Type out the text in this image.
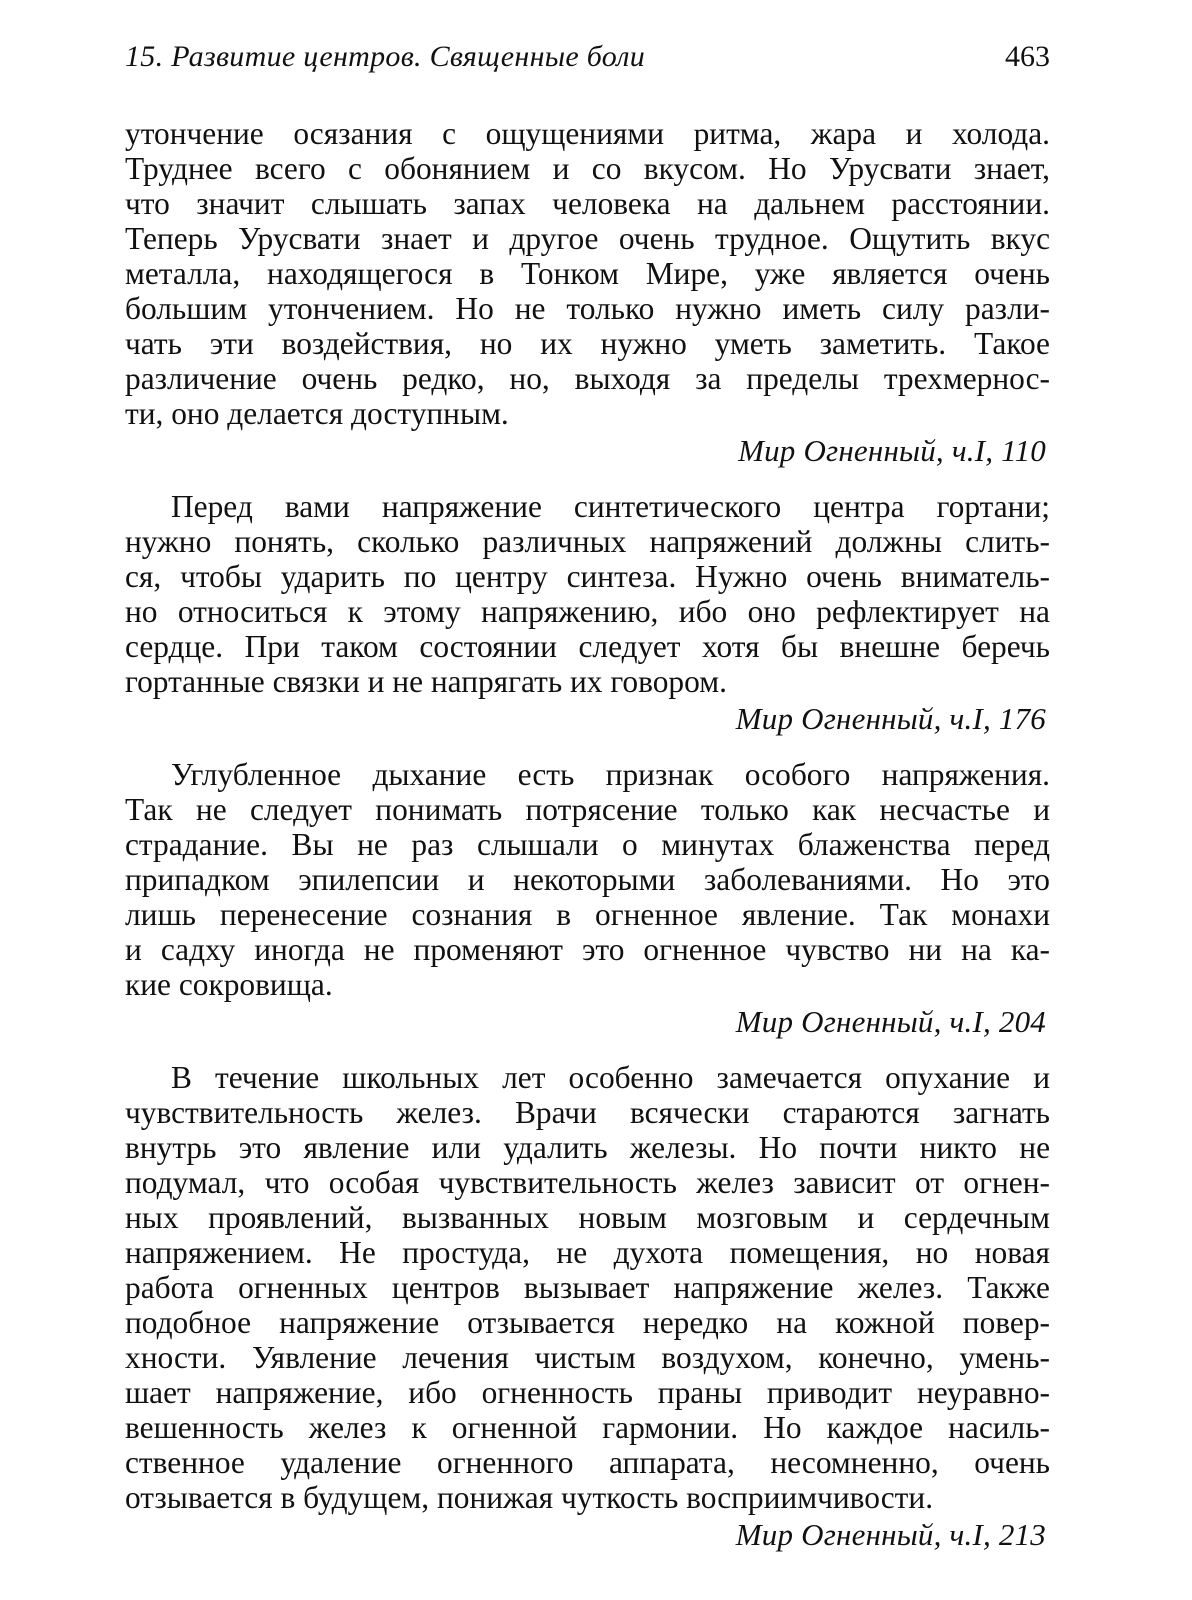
15. Развитие центров. Священные боли	463

утончение осязания с ощущениями ритма, жара и холода.
Труднее всего с обонянием и со вкусом. Но Урусвати знает,
что значит слышать запах человека на дальнем расстоянии.
Теперь Урусвати знает и другое очень трудное. Ощутить вкус
металла, находящегося в Тонком Мире, уже является очень
большим утончением. Но не только нужно иметь силу разли-
чать эти воздействия, но их нужно уметь заметить. Такое
различение очень редко, но, выходя за пределы трехмернос-
ти, оно делается доступным.

Мир Огненный, ч.I, 110

Перед вами напряжение синтетического центра гортани;
нужно понять, сколько различных напряжений должны слить-
ся, чтобы ударить по центру синтеза. Нужно очень вниматель-
но относиться к этому напряжению, ибо оно рефлектирует на
сердце. При таком состоянии следует хотя бы внешне беречь
гортанные связки и не напрягать их говором.

Мир Огненный, ч.I, 176

Углубленное дыхание есть признак особого напряжения.
Так не следует понимать потрясение только как несчастье и
страдание. Вы не раз слышали о минутах блаженства перед
припадком эпилепсии и некоторыми заболеваниями. Но это
лишь перенесение сознания в огненное явление. Так монахи
и садху иногда не променяют это огненное чувство ни на ка-
кие сокровища.

Мир Огненный, ч.I, 204

В течение школьных лет особенно замечается опухание и
чувствительность желез. Врачи всячески стараются загнать
внутрь это явление или удалить железы. Но почти никто не
подумал, что особая чувствительность желез зависит от огнен-
ных проявлений, вызванных новым мозговым и сердечным
напряжением. Не простуда, не духота помещения, но новая
работа огненных центров вызывает напряжение желез. Также
подобное напряжение отзывается нередко на кожной повер-
хности. Уявление лечения чистым воздухом, конечно, умень-
шает напряжение, ибо огненность праны приводит неуравно-
вешенность желез к огненной гармонии. Но каждое насиль-
ственное удаление огненного аппарата, несомненно, очень
отзывается в будущем, понижая чуткость восприимчивости.

Мир Огненный, ч.I, 213
